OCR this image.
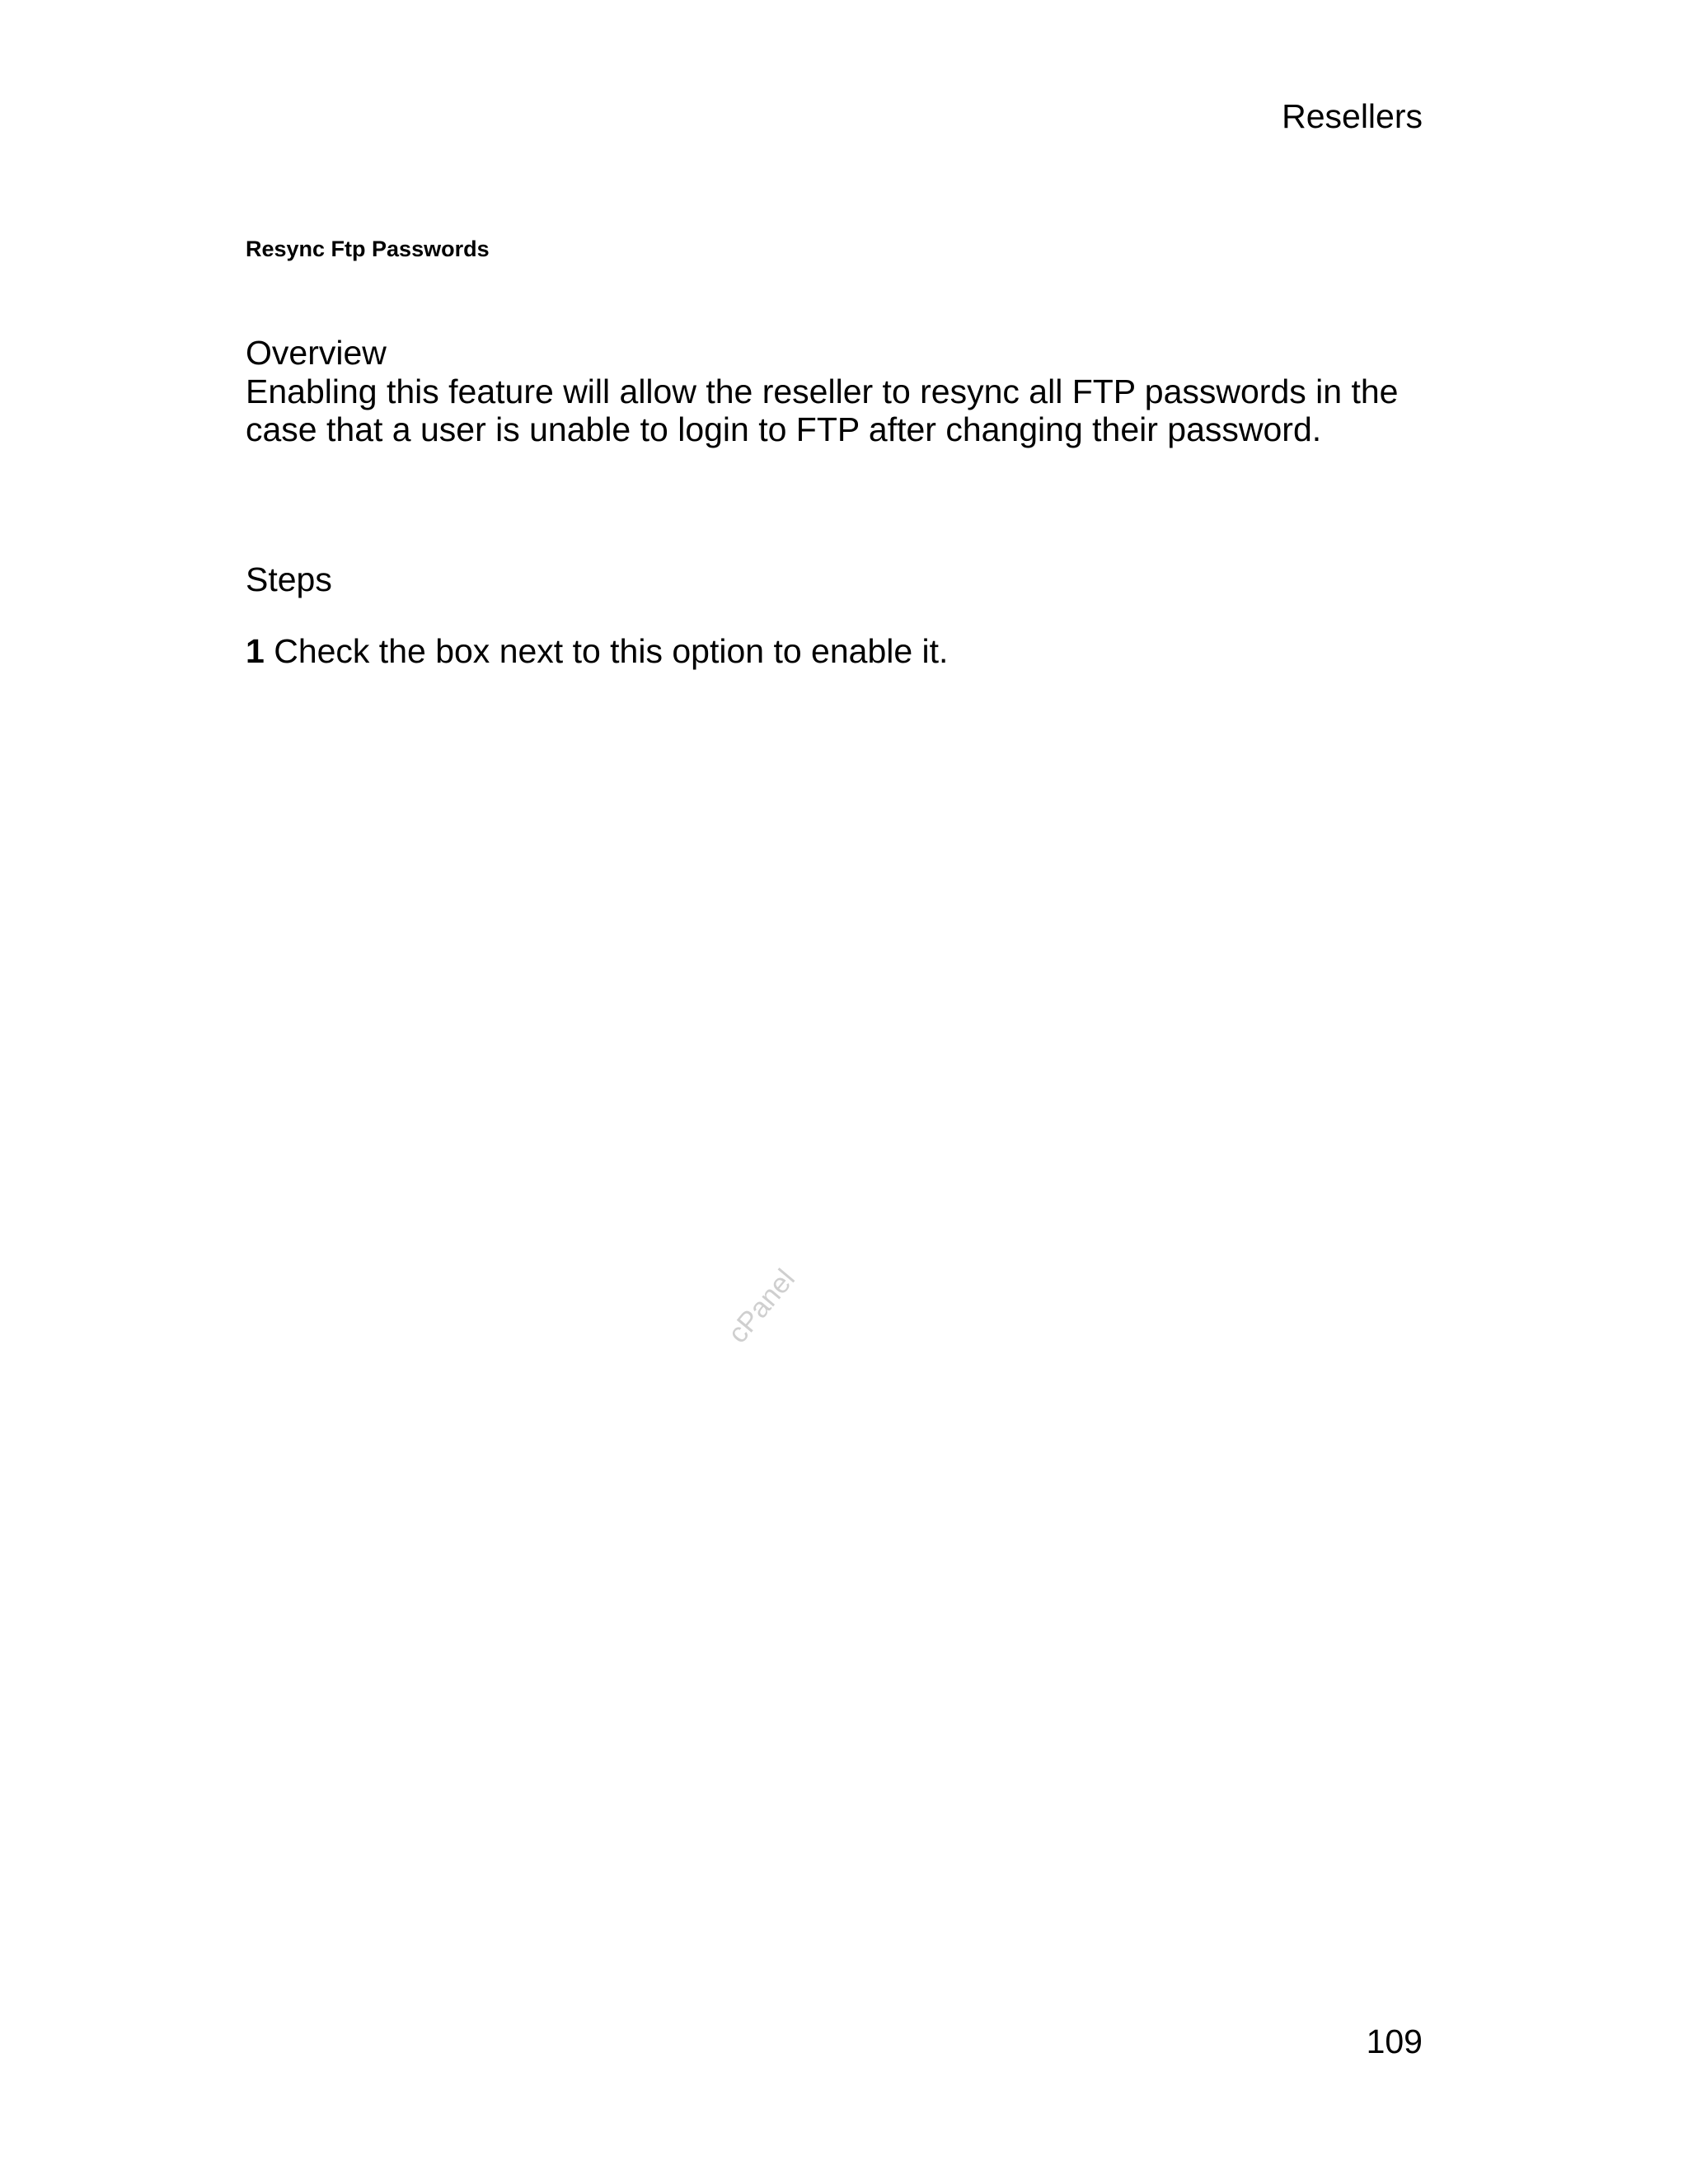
Resellers
Resync Ftp Passwords
Overview
Enabling this feature will allow the reseller to resync all FTP passwords in the
case that a user is unable to login to FTP after changing their password.
Steps
1 Check the box next to this option to enable it.
cPanel
109
